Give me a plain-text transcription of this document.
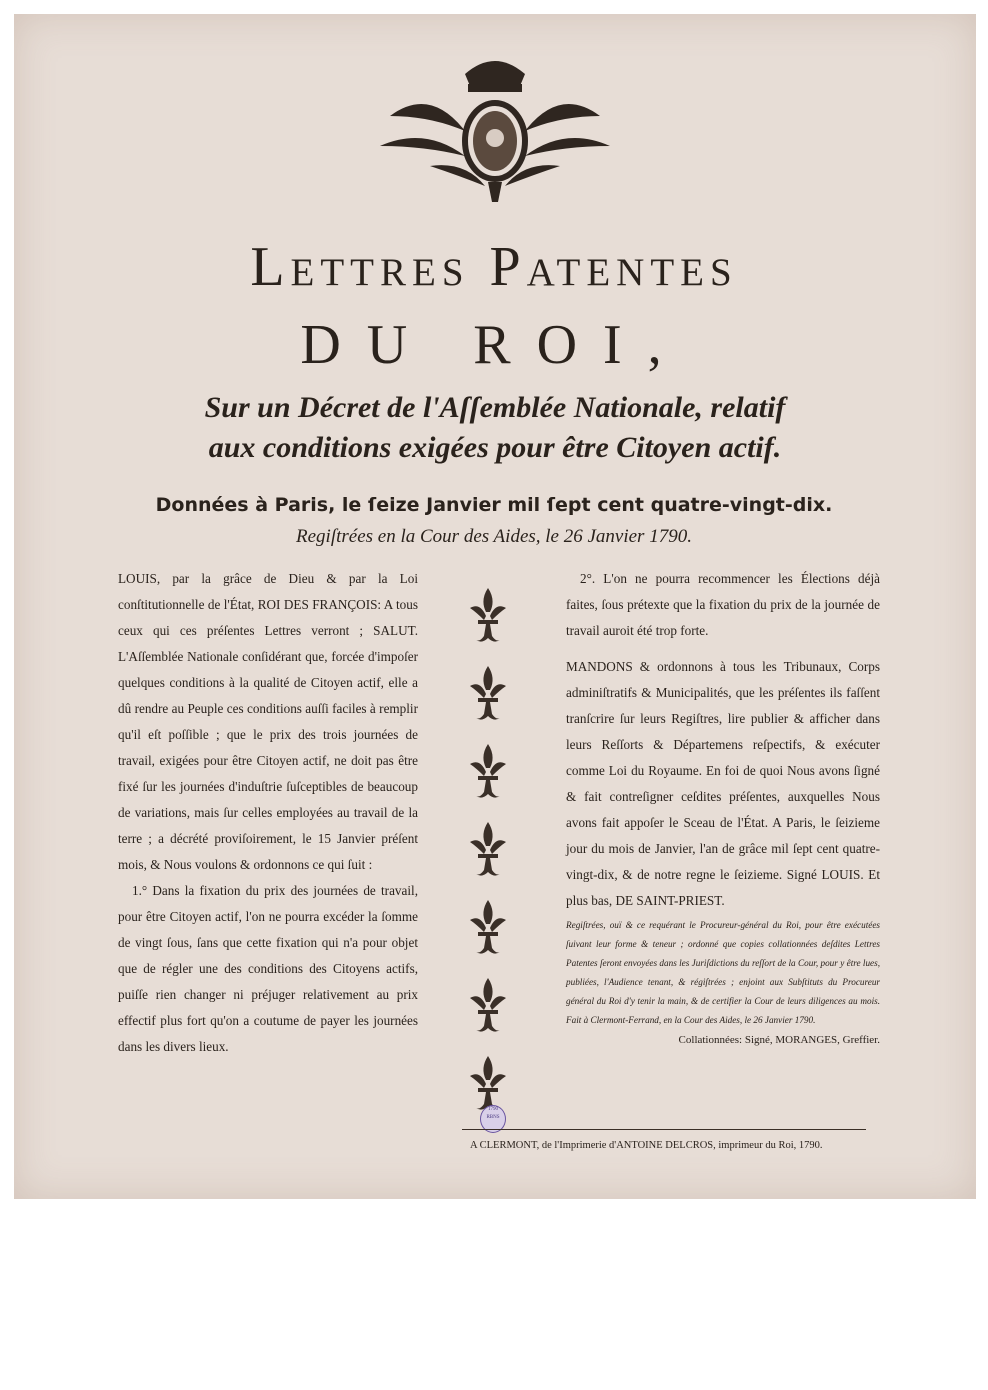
Lettres Patentes
DU ROI,
Sur un Décret de l'Aſſemblée Nationale, relatif
aux conditions exigées pour être Citoyen actif.
Données à Paris, le ſeize Janvier mil ſept cent quatre-vingt-dix.
Regiſtrées en la Cour des Aides, le 26 Janvier 1790.

LOUIS, par la grâce de Dieu & par la Loi conſtitutionnelle de l'État, ROI DES FRANÇOIS: A tous ceux qui ces préſentes Lettres verront ; SALUT. L'Aſſemblée Nationale conſidérant que, forcée d'impoſer quelques conditions à la qualité de Citoyen actif, elle a dû rendre au Peuple ces conditions auſſi faciles à remplir qu'il eſt poſſible ; que le prix des trois journées de travail, exigées pour être Citoyen actif, ne doit pas être fixé ſur les journées d'induſtrie ſuſceptibles de beaucoup de variations, mais ſur celles employées au travail de la terre ; a décrété proviſoirement, le 15 Janvier préſent mois, & Nous voulons & ordonnons ce qui ſuit :

1.° Dans la fixation du prix des journées de travail, pour être Citoyen actif, l'on ne pourra excéder la ſomme de vingt ſous, ſans que cette fixation qui n'a pour objet que de régler une des conditions des Citoyens actifs, puiſſe rien changer ni préjuger relativement au prix effectif plus fort qu'on a coutume de payer les journées dans les divers lieux.

2°. L'on ne pourra recommencer les Élections déjà faites, ſous prétexte que la fixation du prix de la journée de travail auroit été trop forte.

MANDONS & ordonnons à tous les Tribunaux, Corps adminiſtratifs & Municipalités, que les préſentes ils faſſent tranſcrire ſur leurs Regiſtres, lire publier & afficher dans leurs Reſſorts & Départemens reſpectifs, & exécuter comme Loi du Royaume. En foi de quoi Nous avons ſigné & fait contreſigner ceſdites préſentes, auxquelles Nous avons fait appoſer le Sceau de l'État. A Paris, le ſeizieme jour du mois de Janvier, l'an de grâce mil ſept cent quatre-vingt-dix, & de notre regne le ſeizieme. Signé LOUIS. Et plus bas, DE SAINT-PRIEST.

Regiſtrées, ouï & ce requérant le Procureur-général du Roi, pour être exécutées ſuivant leur forme & teneur ; ordonné que copies collationnées deſdites Lettres Patentes ſeront envoyées dans les Juriſdictions du reſſort de la Cour, pour y être lues, publiées, l'Audience tenant, & régiſtrées ; enjoint aux Subſtituts du Procureur général du Roi d'y tenir la main, & de certifier la Cour de leurs diligences au mois. Fait à Clermont-Ferrand, en la Cour des Aides, le 26 Janvier 1790.

Collationnées: Signé, MORANGES, Greffier.

1790 RBNS
A CLERMONT, de l'Imprimerie d'ANTOINE DELCROS, imprimeur du Roi, 1790.
